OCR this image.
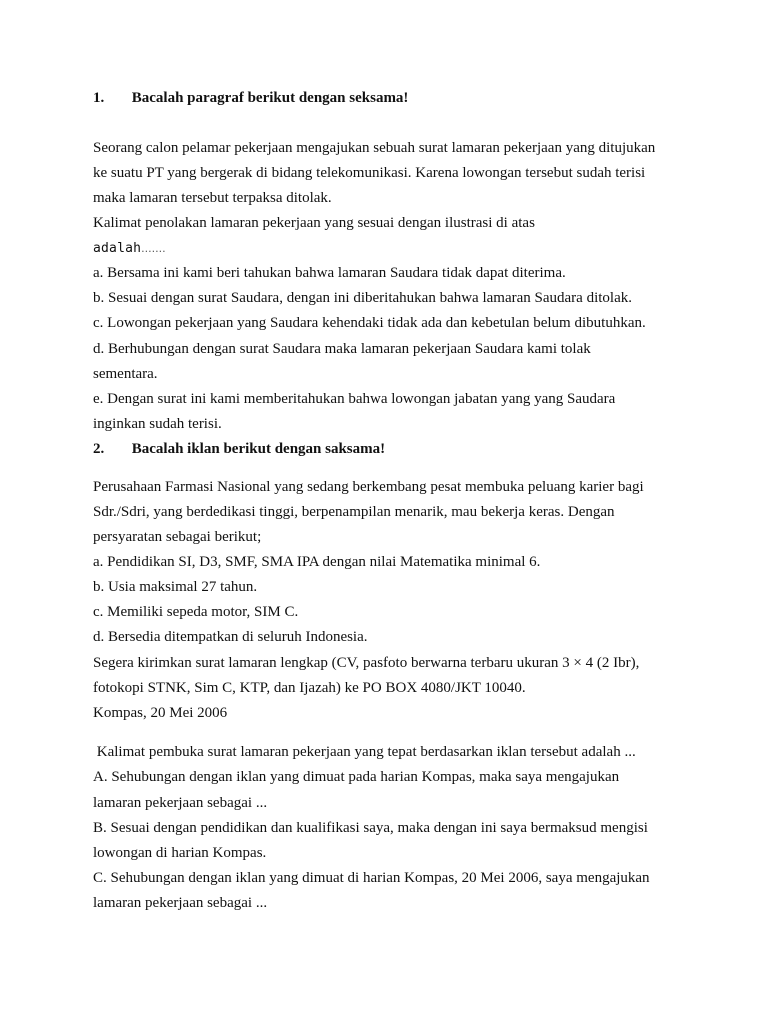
1. Bacalah paragraf berikut dengan seksama!
Seorang calon pelamar pekerjaan mengajukan sebuah surat lamaran pekerjaan yang ditujukan
ke suatu PT yang bergerak di bidang telekomunikasi. Karena lowongan tersebut sudah terisi
maka lamaran tersebut terpaksa ditolak.
Kalimat penolakan lamaran pekerjaan yang sesuai dengan ilustrasi di atas
adalah.......
a. Bersama ini kami beri tahukan bahwa lamaran Saudara tidak dapat diterima.
b. Sesuai dengan surat Saudara, dengan ini diberitahukan bahwa lamaran Saudara ditolak.
c. Lowongan pekerjaan yang Saudara kehendaki tidak ada dan kebetulan belum dibutuhkan.
d. Berhubungan dengan surat Saudara maka lamaran pekerjaan Saudara kami tolak
sementara.
e. Dengan surat ini kami memberitahukan bahwa lowongan jabatan yang yang Saudara
inginkan sudah terisi.
2. Bacalah iklan berikut dengan saksama!
Perusahaan Farmasi Nasional yang sedang berkembang pesat membuka peluang karier bagi
Sdr./Sdri, yang berdedikasi tinggi, berpenampilan menarik, mau bekerja keras. Dengan
persyaratan sebagai berikut;
a. Pendidikan SI, D3, SMF, SMA IPA dengan nilai Matematika minimal 6.
b. Usia maksimal 27 tahun.
c. Memiliki sepeda motor, SIM C.
d. Bersedia ditempatkan di seluruh Indonesia.
Segera kirimkan surat lamaran lengkap (CV, pasfoto berwarna terbaru ukuran 3 × 4 (2 Ibr),
fotokopi STNK, Sim C, KTP, dan Ijazah) ke PO BOX 4080/JKT 10040.
Kompas, 20 Mei 2006
Kalimat pembuka surat lamaran pekerjaan yang tepat berdasarkan iklan tersebut adalah ...
A. Sehubungan dengan iklan yang dimuat pada harian Kompas, maka saya mengajukan
lamaran pekerjaan sebagai ...
B. Sesuai dengan pendidikan dan kualifikasi saya, maka dengan ini saya bermaksud mengisi
lowongan di harian Kompas.
C. Sehubungan dengan iklan yang dimuat di harian Kompas, 20 Mei 2006, saya mengajukan
lamaran pekerjaan sebagai ...
